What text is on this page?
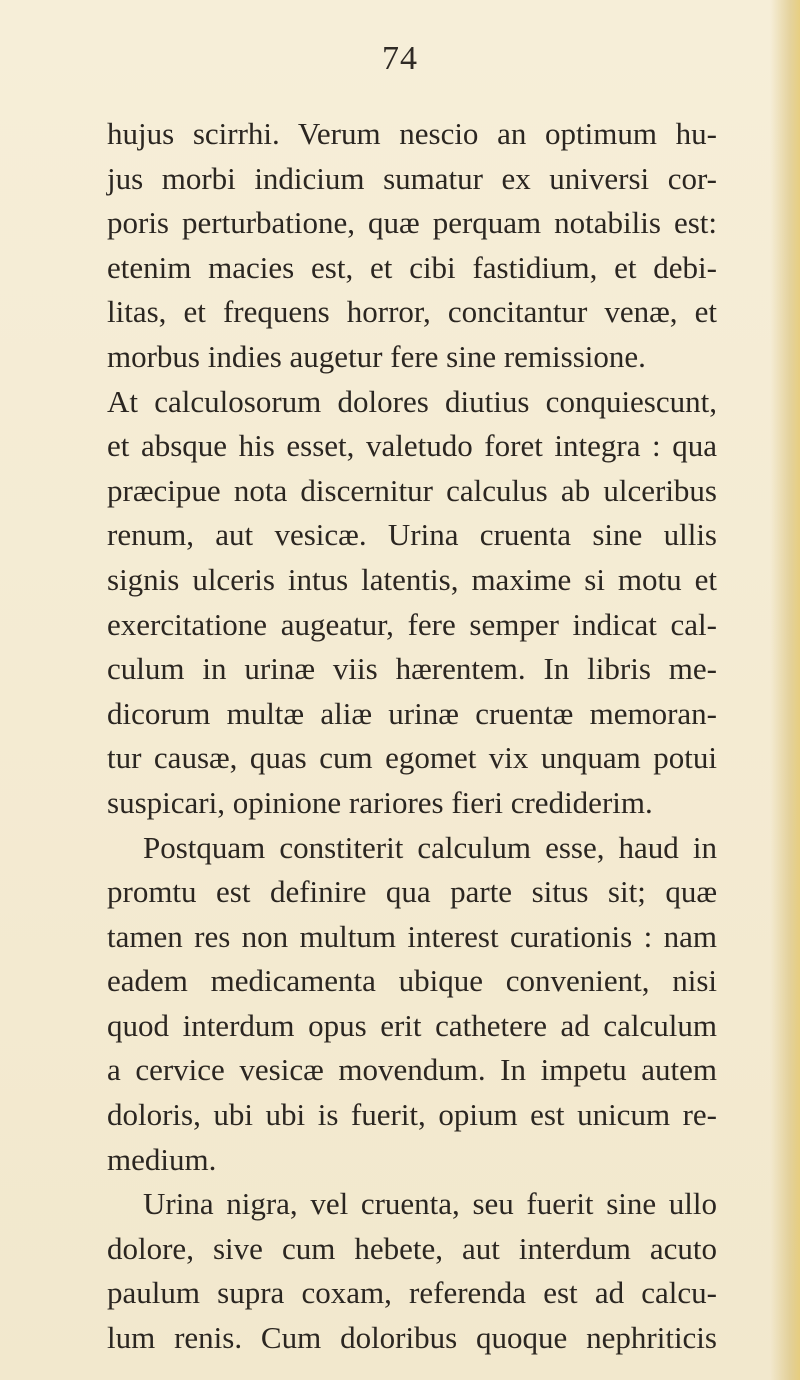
74
hujus scirrhi. Verum nescio an optimum hu-
jus morbi indicium sumatur ex universi cor-
poris perturbatione, quæ perquam notabilis est:
etenim macies est, et cibi fastidium, et debi-
litas, et frequens horror, concitantur venæ, et
morbus indies augetur fere sine remissione.
At calculosorum dolores diutius conquiescunt,
et absque his esset, valetudo foret integra : qua
præcipue nota discernitur calculus ab ulceribus
renum, aut vesicæ. Urina cruenta sine ullis
signis ulceris intus latentis, maxime si motu et
exercitatione augeatur, fere semper indicat cal-
culum in urinæ viis hærentem. In libris me-
dicorum multæ aliæ urinæ cruentæ memoran-
tur causæ, quas cum egomet vix unquam potui
suspicari, opinione rariores fieri crediderim.
Postquam constiterit calculum esse, haud in
promtu est definire qua parte situs sit; quæ
tamen res non multum interest curationis : nam
eadem medicamenta ubique convenient, nisi
quod interdum opus erit cathetere ad calculum
a cervice vesicæ movendum. In impetu autem
doloris, ubi ubi is fuerit, opium est unicum re-
medium.
Urina nigra, vel cruenta, seu fuerit sine ullo
dolore, sive cum hebete, aut interdum acuto
paulum supra coxam, referenda est ad calcu-
lum renis. Cum doloribus quoque nephriticis
